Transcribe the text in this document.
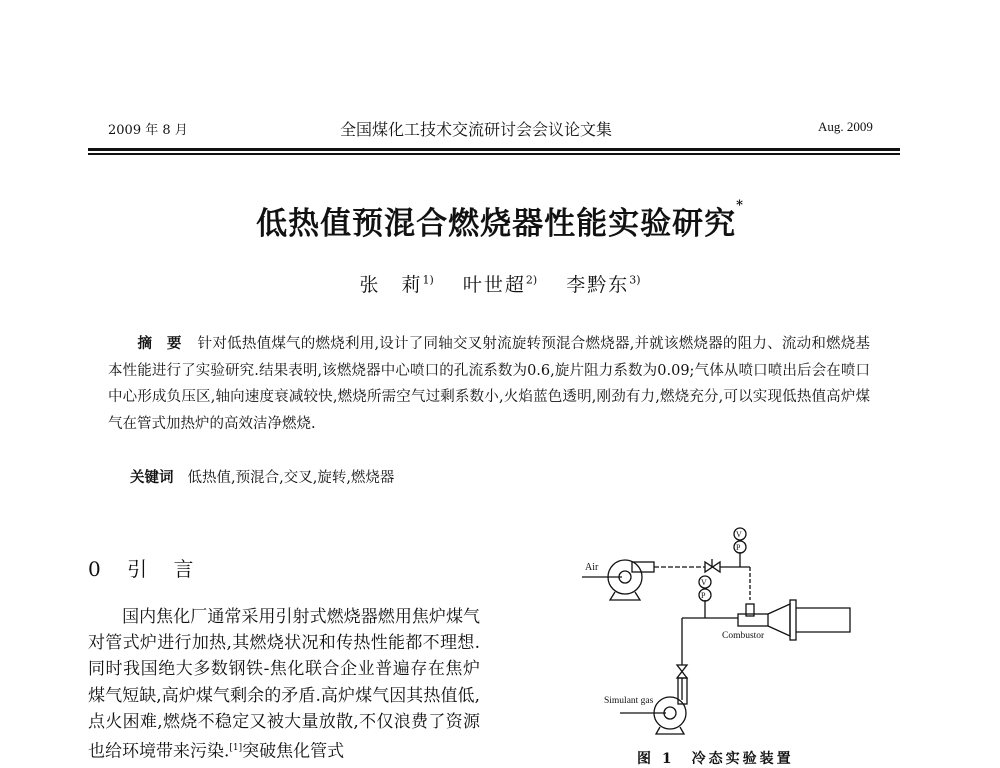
2009 年 8 月	全国煤化工技术交流研讨会会议论文集	Aug. 2009
低热值预混合燃烧器性能实验研究*
张　莉$^{1)}$　 叶世超$^{2)}$　 李黔东$^{3)}$
　　摘　要 针对低热值煤气的燃烧利用,设计了同轴交叉射流旋转预混合燃烧器,并就该燃烧器的阻力、流动和燃烧基本性能进行了实验研究.结果表明,该燃烧器中心喷口的孔流系数为0.6,旋片阻力系数为0.09;气体从喷口喷出后会在喷口中心形成负压区,轴向速度衰减较快,燃烧所需空气过剩系数小,火焰蓝色透明,刚劲有力,燃烧充分,可以实现低热值高炉煤气在管式加热炉的高效洁净燃烧.
关键词 低热值,预混合,交叉,旋转,燃烧器
0 引 言
　　国内焦化厂通常采用引射式燃烧器燃用焦炉煤气对管式炉进行加热,其燃烧状况和传热性能都不理想.同时我国绝大多数钢铁-焦化联合企业普遍存在焦炉煤气短缺,高炉煤气剩余的矛盾.高炉煤气因其热值低,点火困难,燃烧不稳定又被大量放散,不仅浪费了资源也给环境带来污染.[1]突破焦化管式
Air
V
P
Combustor
V
P
Simulant gas
图 1　冷态实验装置
